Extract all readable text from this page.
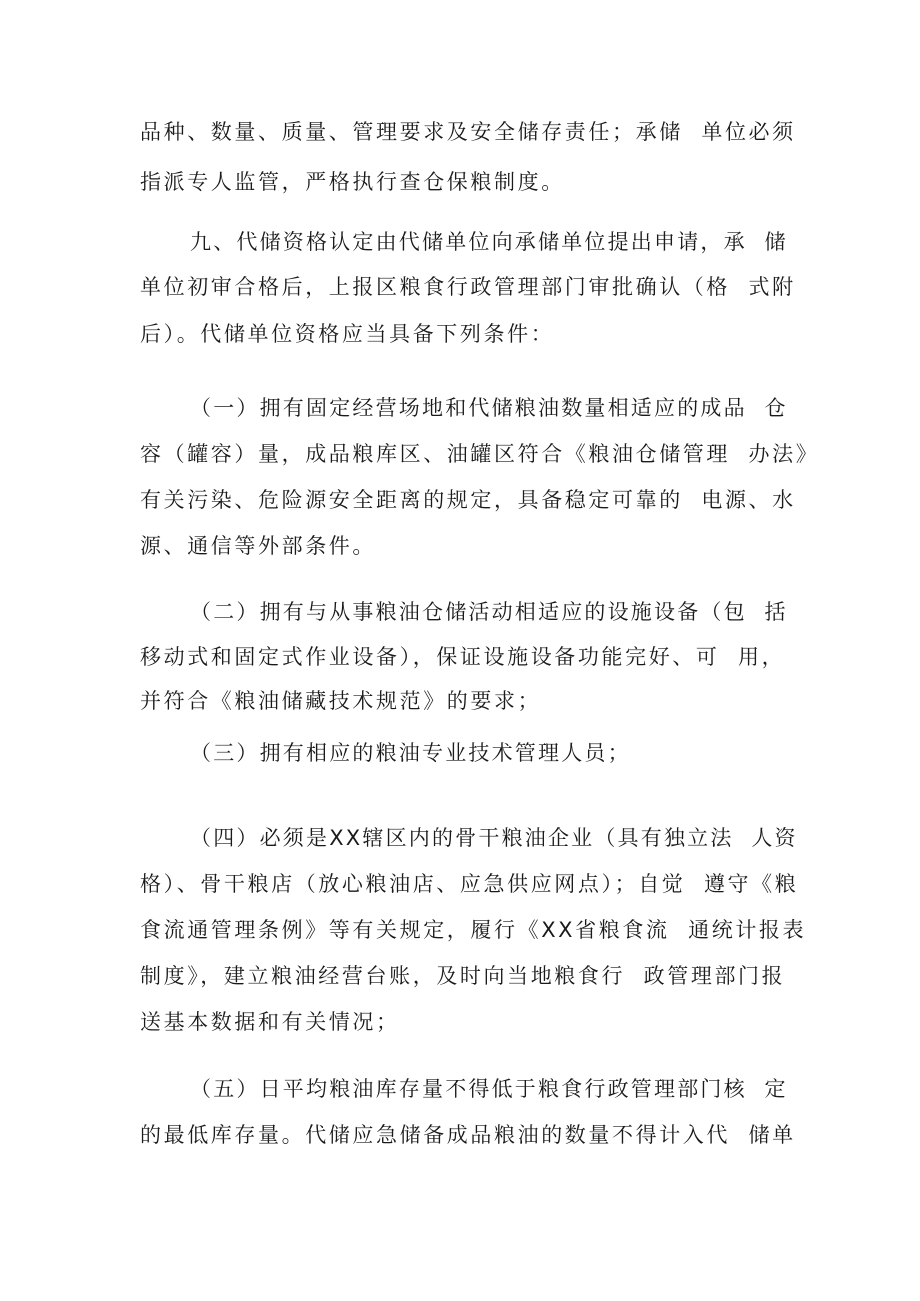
品种、数量、质量、管理要求及安全储存责任；承储  单位必须
指派专人监管，严格执行查仓保粮制度。
九、代储资格认定由代储单位向承储单位提出申请，承  储
单位初审合格后，上报区粮食行政管理部门审批确认（格  式附
后）。代储单位资格应当具备下列条件：
（一）拥有固定经营场地和代储粮油数量相适应的成品  仓
容（罐容）量，成品粮库区、油罐区符合《粮油仓储管理  办法》
有关污染、危险源安全距离的规定，具备稳定可靠的  电源、水
源、通信等外部条件。
（二）拥有与从事粮油仓储活动相适应的设施设备（包  括
移动式和固定式作业设备），保证设施设备功能完好、可  用，
并符合《粮油储藏技术规范》的要求；
（三）拥有相应的粮油专业技术管理人员；
（四）必须是XX辖区内的骨干粮油企业（具有独立法  人资
格）、骨干粮店（放心粮油店、应急供应网点）；自觉  遵守《粮
食流通管理条例》等有关规定，履行《XX省粮食流  通统计报表
制度》，建立粮油经营台账，及时向当地粮食行  政管理部门报
送基本数据和有关情况；
（五）日平均粮油库存量不得低于粮食行政管理部门核  定
的最低库存量。代储应急储备成品粮油的数量不得计入代  储单
